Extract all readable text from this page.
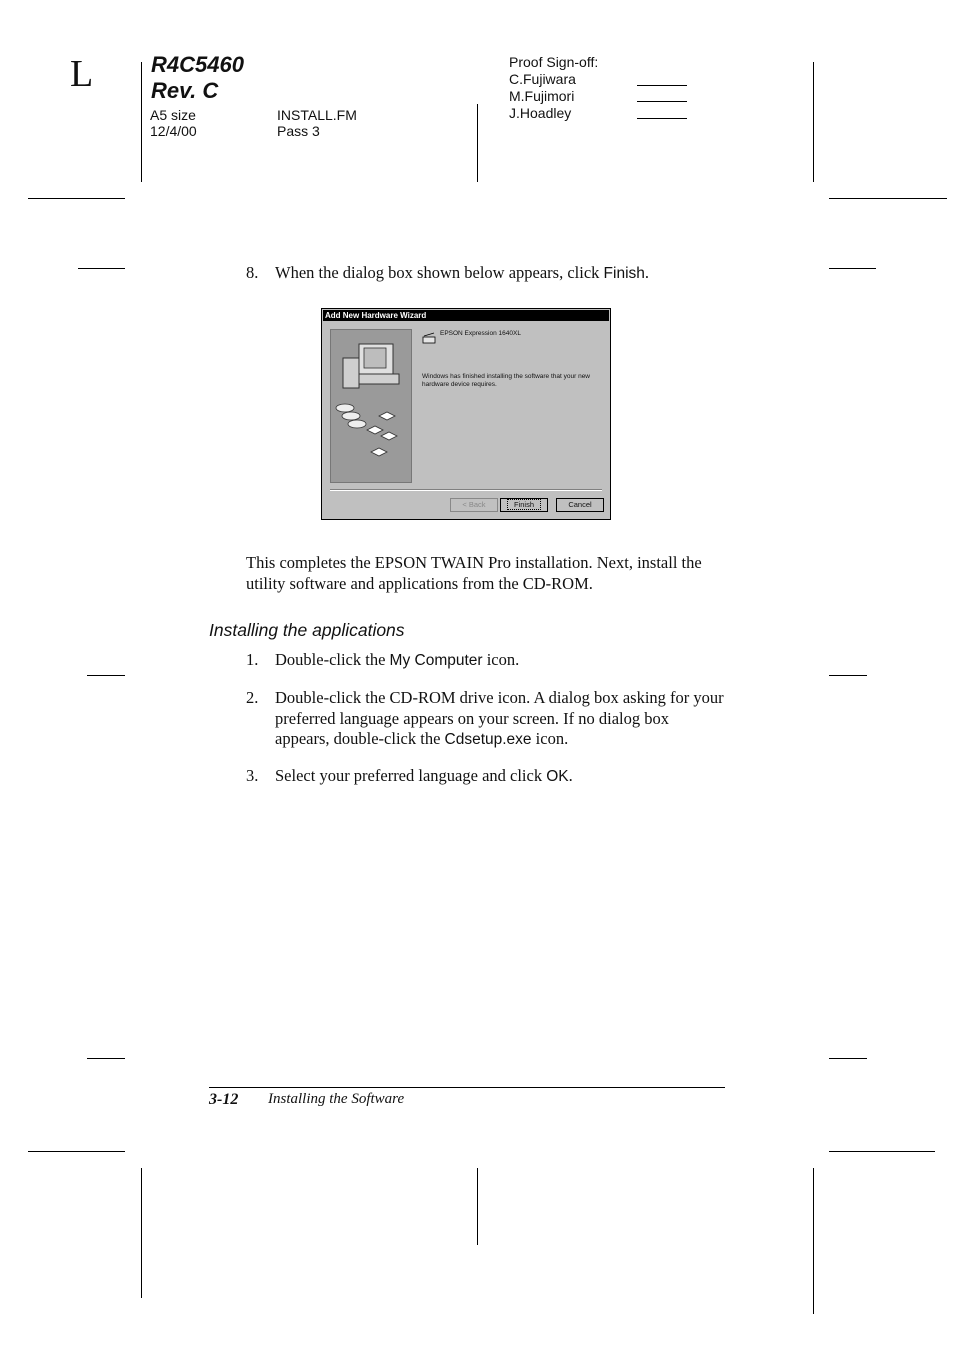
L	R4C5460
Rev. C
A5 size
12/4/00
INSTALL.FM
Pass 3
Proof Sign-off:
C.Fujiwara
M.Fujimori
J.Hoadley
8. When the dialog box shown below appears, click Finish.
Add New Hardware Wizard
EPSON Expression 1640XL
Windows has finished installing the software that your new hardware device requires.
< Back	Finish	Cancel
This completes the EPSON TWAIN Pro installation. Next, install the utility software and applications from the CD-ROM.
Installing the applications
1. Double-click the My Computer icon.
2. Double-click the CD-ROM drive icon. A dialog box asking for your preferred language appears on your screen. If no dialog box appears, double-click the Cdsetup.exe icon.
3. Select your preferred language and click OK.
3-12 Installing the Software
